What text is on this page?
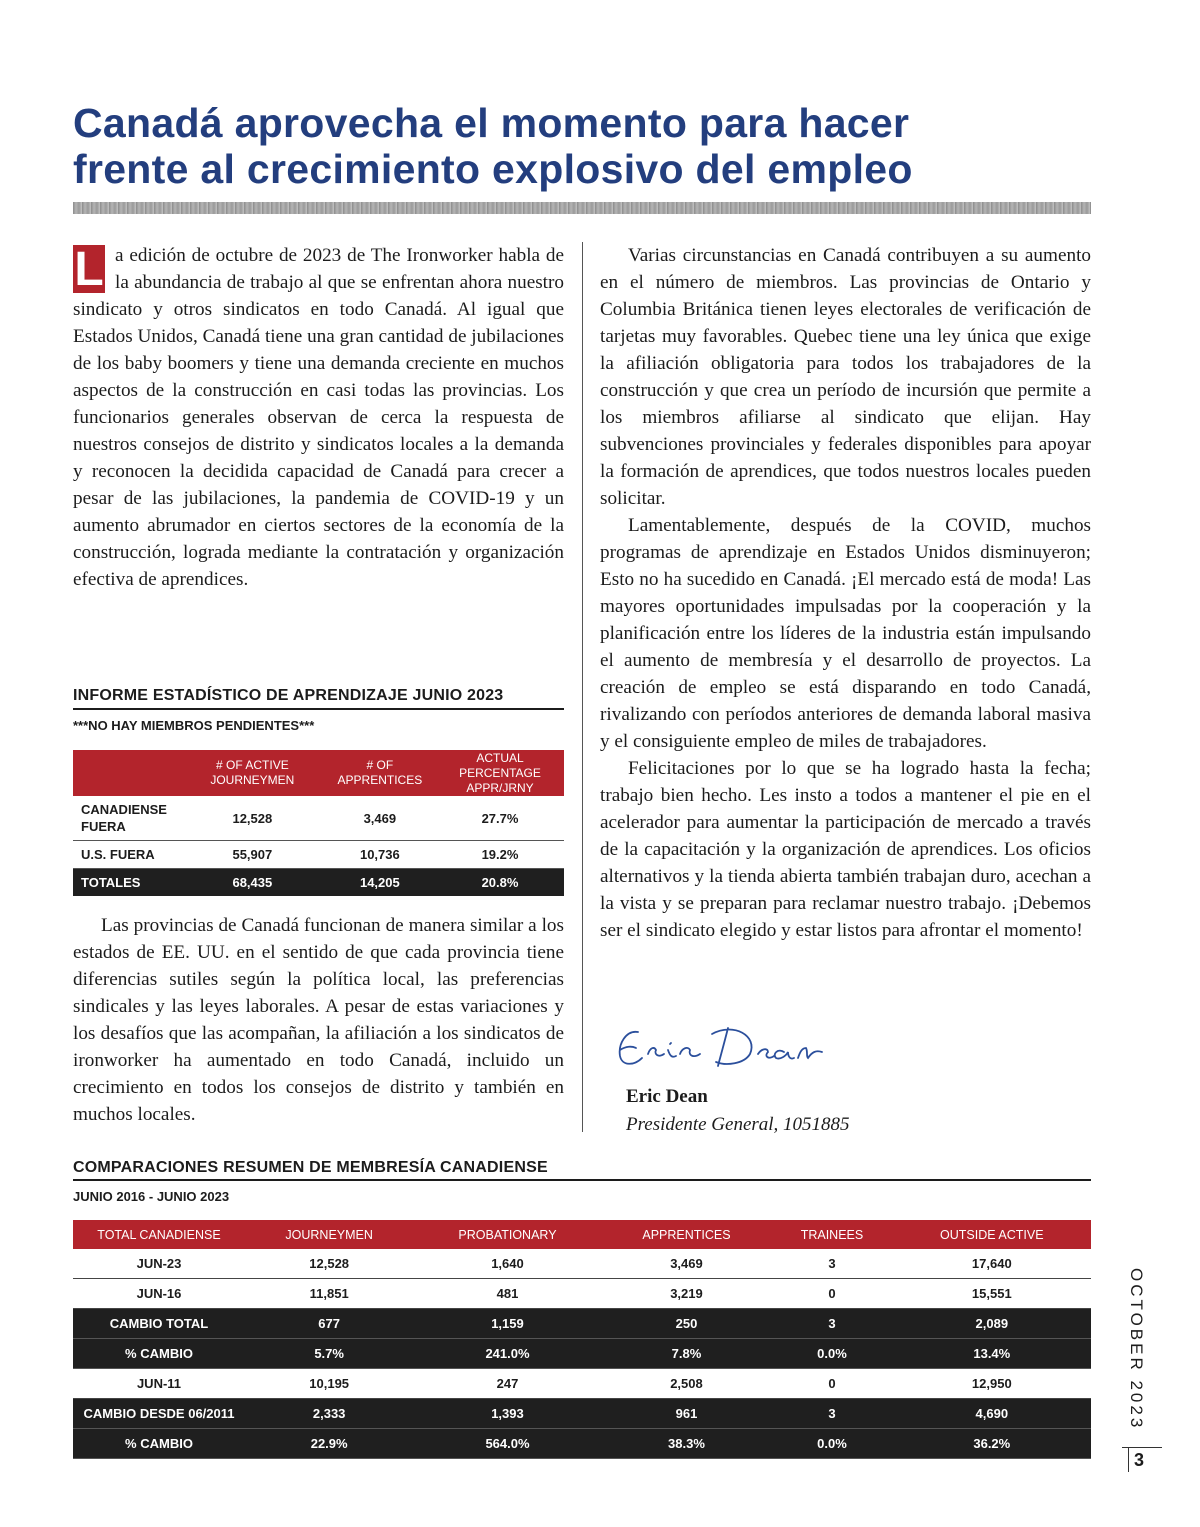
Canadá aprovecha el momento para hacer
frente al crecimiento explosivo del empleo

L a edición de octubre de 2023 de The Ironworker habla de la abundancia de trabajo al que se enfrentan ahora nuestro sindicato y otros sindicatos en todo Canadá. Al igual que Estados Unidos, Canadá tiene una gran cantidad de jubilaciones de los baby boomers y tiene una demanda creciente en muchos aspectos de la construcción en casi todas las provincias. Los funcionarios generales observan de cerca la respuesta de nuestros consejos de distrito y sindicatos locales a la demanda y reconocen la decidida capacidad de Canadá para crecer a pesar de las jubilaciones, la pandemia de COVID-19 y un aumento abrumador en ciertos sectores de la economía de la construcción, lograda mediante la contratación y organización efectiva de aprendices.

INFORME ESTADÍSTICO DE APRENDIZAJE JUNIO 2023
***NO HAY MIEMBROS PENDIENTES***
	# OF ACTIVE JOURNEYMEN	# OF APPRENTICES	ACTUAL PERCENTAGE APPR/JRNY
CANADIENSE FUERA	12,528	3,469	27.7%
U.S. FUERA	55,907	10,736	19.2%
TOTALES	68,435	14,205	20.8%

Las provincias de Canadá funcionan de manera similar a los estados de EE. UU. en el sentido de que cada provincia tiene diferencias sutiles según la política local, las preferencias sindicales y las leyes laborales. A pesar de estas variaciones y los desafíos que las acompañan, la afiliación a los sindicatos de ironworker ha aumentado en todo Canadá, incluido un crecimiento en todos los consejos de distrito y también en muchos locales.

Varias circunstancias en Canadá contribuyen a su aumento en el número de miembros. Las provincias de Ontario y Columbia Británica tienen leyes electorales de verificación de tarjetas muy favorables. Quebec tiene una ley única que exige la afiliación obligatoria para todos los trabajadores de la construcción y que crea un período de incursión que permite a los miembros afiliarse al sindicato que elijan. Hay subvenciones provinciales y federales disponibles para apoyar la formación de aprendices, que todos nuestros locales pueden solicitar.

Lamentablemente, después de la COVID, muchos programas de aprendizaje en Estados Unidos disminuyeron; Esto no ha sucedido en Canadá. ¡El mercado está de moda! Las mayores oportunidades impulsadas por la cooperación y la planificación entre los líderes de la industria están impulsando el aumento de membresía y el desarrollo de proyectos. La creación de empleo se está disparando en todo Canadá, rivalizando con períodos anteriores de demanda laboral masiva y el consiguiente empleo de miles de trabajadores.

Felicitaciones por lo que se ha logrado hasta la fecha; trabajo bien hecho. Les insto a todos a mantener el pie en el acelerador para aumentar la participación de mercado a través de la capacitación y la organización de aprendices. Los oficios alternativos y la tienda abierta también trabajan duro, acechan a la vista y se preparan para reclamar nuestro trabajo. ¡Debemos ser el sindicato elegido y estar listos para afrontar el momento!

Eric Dean
Presidente General, 1051885
COMPARACIONES RESUMEN DE MEMBRESÍA CANADIENSE
JUNIO 2016 - JUNIO 2023
TOTAL CANADIENSE	JOURNEYMEN	PROBATIONARY	APPRENTICES	TRAINEES	OUTSIDE ACTIVE
JUN-23	12,528	1,640	3,469	3	17,640
JUN-16	11,851	481	3,219	0	15,551
CAMBIO TOTAL	677	1,159	250	3	2,089
% CAMBIO	5.7%	241.0%	7.8%	0.0%	13.4%
JUN-11	10,195	247	2,508	0	12,950
CAMBIO DESDE 06/2011	2,333	1,393	961	3	4,690
% CAMBIO	22.9%	564.0%	38.3%	0.0%	36.2%
OCTOBER 2023
3
